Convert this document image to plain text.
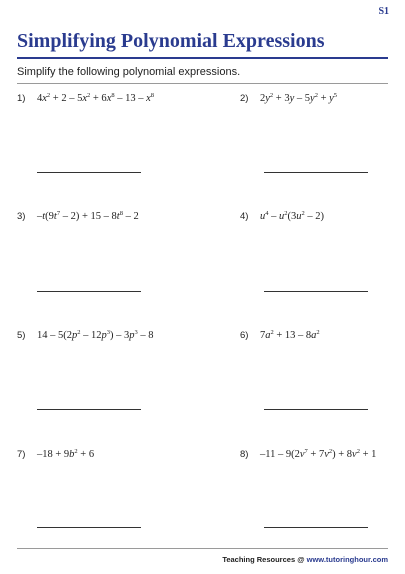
S1
Simplifying Polynomial Expressions
Simplify the following polynomial expressions.
1) $4x^2 + 2 - 5x^2 + 6x^8 - 13 - x^8$	2) $2y^2 + 3y - 5y^2 + y^5$
3) $-t(9t^7 - 2) + 15 - 8t^8 - 2$	4) $u^4 - u^2(3u^2 - 2)$
5) $14 - 5(2p^2 - 12p^3) - 3p^3 - 8$	6) $7a^2 + 13 - 8a^2$
7) $-18 + 9b^2 + 6$	8) $-11 - 9(2v^7 + 7v^2) + 8v^2 + 1$
Teaching Resources @ www.tutoringhour.com
